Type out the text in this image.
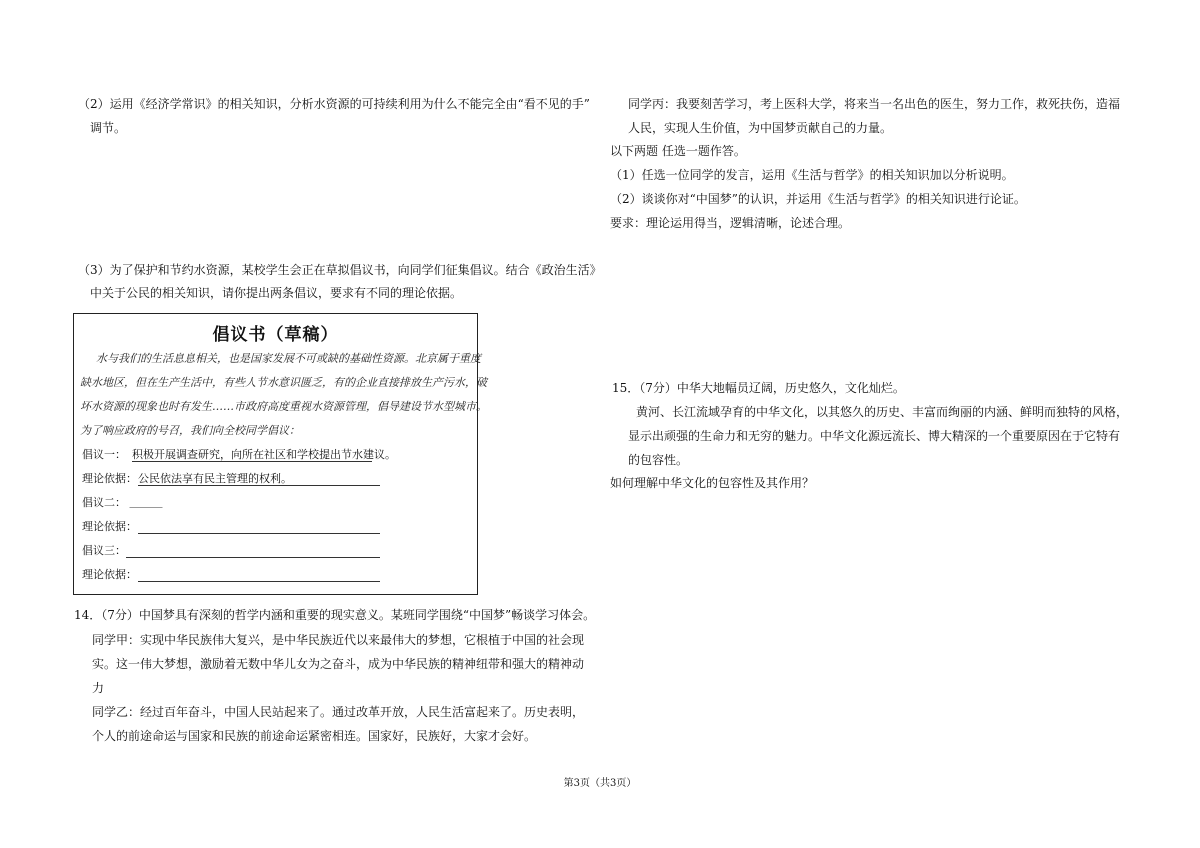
（2）运用《经济学常识》的相关知识，分析水资源的可持续利用为什么不能完全由“看不见的手”
调节。
（3）为了保护和节约水资源，某校学生会正在草拟倡议书，向同学们征集倡议。结合《政治生活》
中关于公民的相关知识，请你提出两条倡议，要求有不同的理论依据。
倡议书（草稿）
水与我们的生活息息相关，也是国家发展不可或缺的基础性资源。北京属于重度
缺水地区，但在生产生活中，有些人节水意识匮乏，有的企业直接排放生产污水，破
坏水资源的现象也时有发生……市政府高度重视水资源管理，倡导建设节水型城市。
为了响应政府的号召，我们向全校同学倡议：
倡议一： 积极开展调查研究，向所在社区和学校提出节水建议。
理论依据： 公民依法享有民主管理的权利。
倡议二： ＿＿＿
理论依据：
倡议三：
理论依据：
14．（7分）中国梦具有深刻的哲学内涵和重要的现实意义。某班同学围绕“中国梦”畅谈学习体会。
同学甲：实现中华民族伟大复兴，是中华民族近代以来最伟大的梦想，它根植于中国的社会现
实。这一伟大梦想，激励着无数中华儿女为之奋斗，成为中华民族的精神纽带和强大的精神动
力
同学乙：经过百年奋斗，中国人民站起来了。通过改革开放，人民生活富起来了。历史表明，
个人的前途命运与国家和民族的前途命运紧密相连。国家好，民族好，大家才会好。
同学丙：我要刻苦学习，考上医科大学，将来当一名出色的医生，努力工作，救死扶伤，造福
人民，实现人生价值，为中国梦贡献自己的力量。
以下两题 任选一题作答。
（1）任选一位同学的发言，运用《生活与哲学》的相关知识加以分析说明。
（2）谈谈你对“中国梦”的认识，并运用《生活与哲学》的相关知识进行论证。
要求：理论运用得当，逻辑清晰，论述合理。
15．（7分）中华大地幅员辽阔，历史悠久，文化灿烂。
黄河、长江流域孕育的中华文化，以其悠久的历史、丰富而绚丽的内涵、鲜明而独特的风格，
显示出顽强的生命力和无穷的魅力。中华文化源远流长、博大精深的一个重要原因在于它特有
的包容性。
如何理解中华文化的包容性及其作用？
第3页（共3页）
